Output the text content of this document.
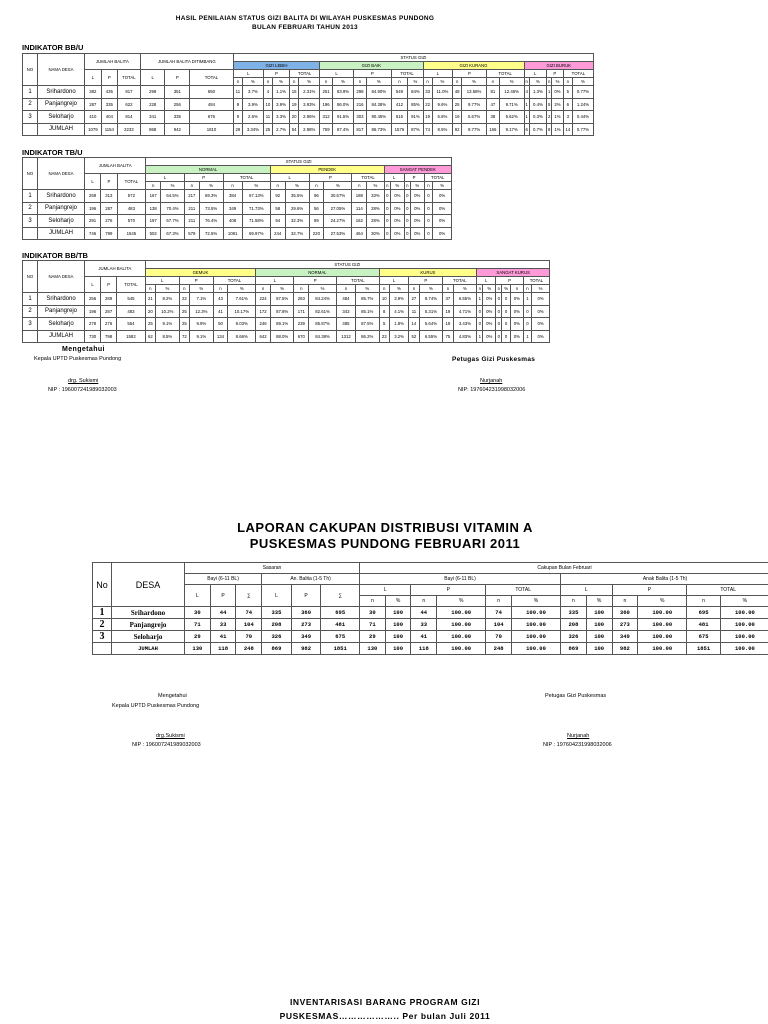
HASIL PENILAIAN STATUS GIZI BALITA DI WILAYAH PUSKESMAS PUNDONG
BULAN FEBRUARI TAHUN 2013
INDIKATOR BB/U
NO	NAMA DESA	JUMLAH BALITA			JUMLAH BALITA DITIMBANG			STATUS GIZI																							
								GIZI LEBIH						GIZI BAIK						GIZI KURANG						GIZI BURUK					
		L	P	TOTAL	L	P	TOTAL	L		P		TOTAL		L		P		TOTAL		L		P		TOTAL		L		P		TOTAL	
								n	%	n	%	n	%	n	%	n	%	n	%	n	%	n	%	n	%	n	%	n	%	n	%
1	Srihardono	382	435	817	299	351	650	11	3.7%	4	1.1%	15	2.31%	251	83.9%	298	84.90%	549	84%	33	11.0%	48	13.68%	81	12.46%	4	1.3%	1	0%	5	0.77%
2	Panjangrejo	287	335	622	228	256	484	9	3.9%	10	3.9%	19	3.93%	196	86.0%	216	84.38%	412	85%	22	9.6%	25	9.77%	47	9.71%	1	0.4%	5	2%	6	1.24%
3	Seloharjo	410	404	814	341	335	676	9	2.6%	11	3.3%	20	2.96%	312	91.5%	303	90.45%	615	91%	19	5.6%	19	5.67%	38	5.62%	1	0.3%	2	1%	3	0.44%
	JUMLAH	1079	1154	2233	868	942	1810	29	3.34%	25	2.7%	54	2.98%	759	87.4%	817	86.73%	1576	87%	74	8.5%	92	9.77%	166	9.17%	6	0.7%	8	1%	14	0.77%
INDIKATOR TB/U
NO	NAMA DESA	JUMLAH BALITA			STATUS GIZI																	
					NORMAL						PENDEK						SANGAT PENDEK					
		L	P	TOTAL	L		P		TOTAL		L		P		TOTAL		L		P		TOTAL	
					n	%	n	%	n	%	n	%	n	%	n	%	n	%	n	%	n	%
1	Srihardono	259	313	572	167	64.5%	217	69.3%	384	67.13%	92	35.5%	96	30.67%	188	33%	0	0%	0	0%	0	0%
2	Panjangrejo	196	287	483	138	70.4%	211	73.5%	349	71.73%	58	29.6%	56	27.05%	114	28%	0	0%	0	0%	0	0%
3	Seloharjo	291	276	570	197	67.7%	211	76.4%	408	71.58%	94	32.3%	89	24.27%	162	28%	0	0%	0	0%	0	0%
	JUMLAH	746	799	1545	502	67.3%	579	72.5%	1081	69.97%	244	32.7%	220	27.53%	464	30%	0	0%	0	0%	0	0%
INDIKATOR BB/TB
NO	NAMA DESA	JUMLAH BALITA			STATUS GIZI																								
					GEMUK						NORMAL						KURUS						SANGAT KURUS						
		L	P	TOTAL	L		P		TOTAL		L		P		TOTAL		L		P		TOTAL		L		P			TOTAL	
					n	%	n	%	n	%	n	%	n	%	n	%	n	%	n	%	n	%	n	%	n	%	n	n	%
1	Srihardono	256	289	545	21	8.2%	22	7.1%	43	7.61%	224	87.5%	263	84.24%	484	85.7%	10	3.9%	27	8.74%	37	6.55%	1	0%	0	0	0%	1	0%
2	Panjangrejo	196	287	483	20	10.2%	25	12.3%	41	10.17%	172	87.8%	171	82.61%	343	85.1%	8	4.1%	11	5.31%	19	4.71%	0	0%	0	0	0%	0	0%
3	Seloharjo	278	276	554	25	9.1%	25	9.9%	50	9.03%	246	89.1%	239	85.87%	485	87.5%	5	1.8%	14	5.64%	19	3.43%	0	0%	0	0	0%	0	0%
	JUMLAH	730	798	1582	62	8.5%	72	9.1%	134	8.66%	642	88.0%	670	84.38%	1312	86.2%	23	3.2%	52	6.55%	75	4.83%	1	0%	0	0	0%	1	0%
Mengetahui
Kepala UPTD Puskesmas Pundong	Petugas Gizi Puskesmas
drg. Sukismi
NIP : 196007241989032003
Nurjanah
NIP: 197604231998032006
LAPORAN CAKUPAN DISTRIBUSI VITAMIN A
PUSKESMAS PUNDONG FEBRUARI 2011
No	DESA	Sasaran						Cakupan Bulan Februari											
		Bayi (6-11 BL)			An. Balita (1-5 Th)			Bayi (6-11 BL)						Anak Balita (1-5 Th)					
		L	P	∑	L	P	∑	L		P		TOTAL		L		P		TOTAL	
								n	%	n	%	n	%	n	%	n	%	n	%
1	Srihardono	30	44	74	335	360	695	30	100	44	100.00	74	100.00	335	100	360	100.00	695	100.00
2	Panjangrejo	71	33	104	208	273	481	71	100	33	100.00	104	100.00	208	100	273	100.00	481	100.00
3	Seloharjo	29	41	70	326	349	675	29	100	41	100.00	70	100.00	326	100	349	100.00	675	100.00
	JUMLAH	130	118	248	869	982	1851	130	100	118	100.00	248	100.00	869	100	982	100.00	1851	100.00
Mengetahui
Kepala UPTD Puskesmas Pundong
Petugas Gizi Puskesmas
drg.Sukismi
NIP : 196007241989032003
Nurjanah
NIP : 197604231998032006
INVENTARISASI BARANG PROGRAM GIZI
PUSKESMAS……………….. Per bulan Juli 2011
